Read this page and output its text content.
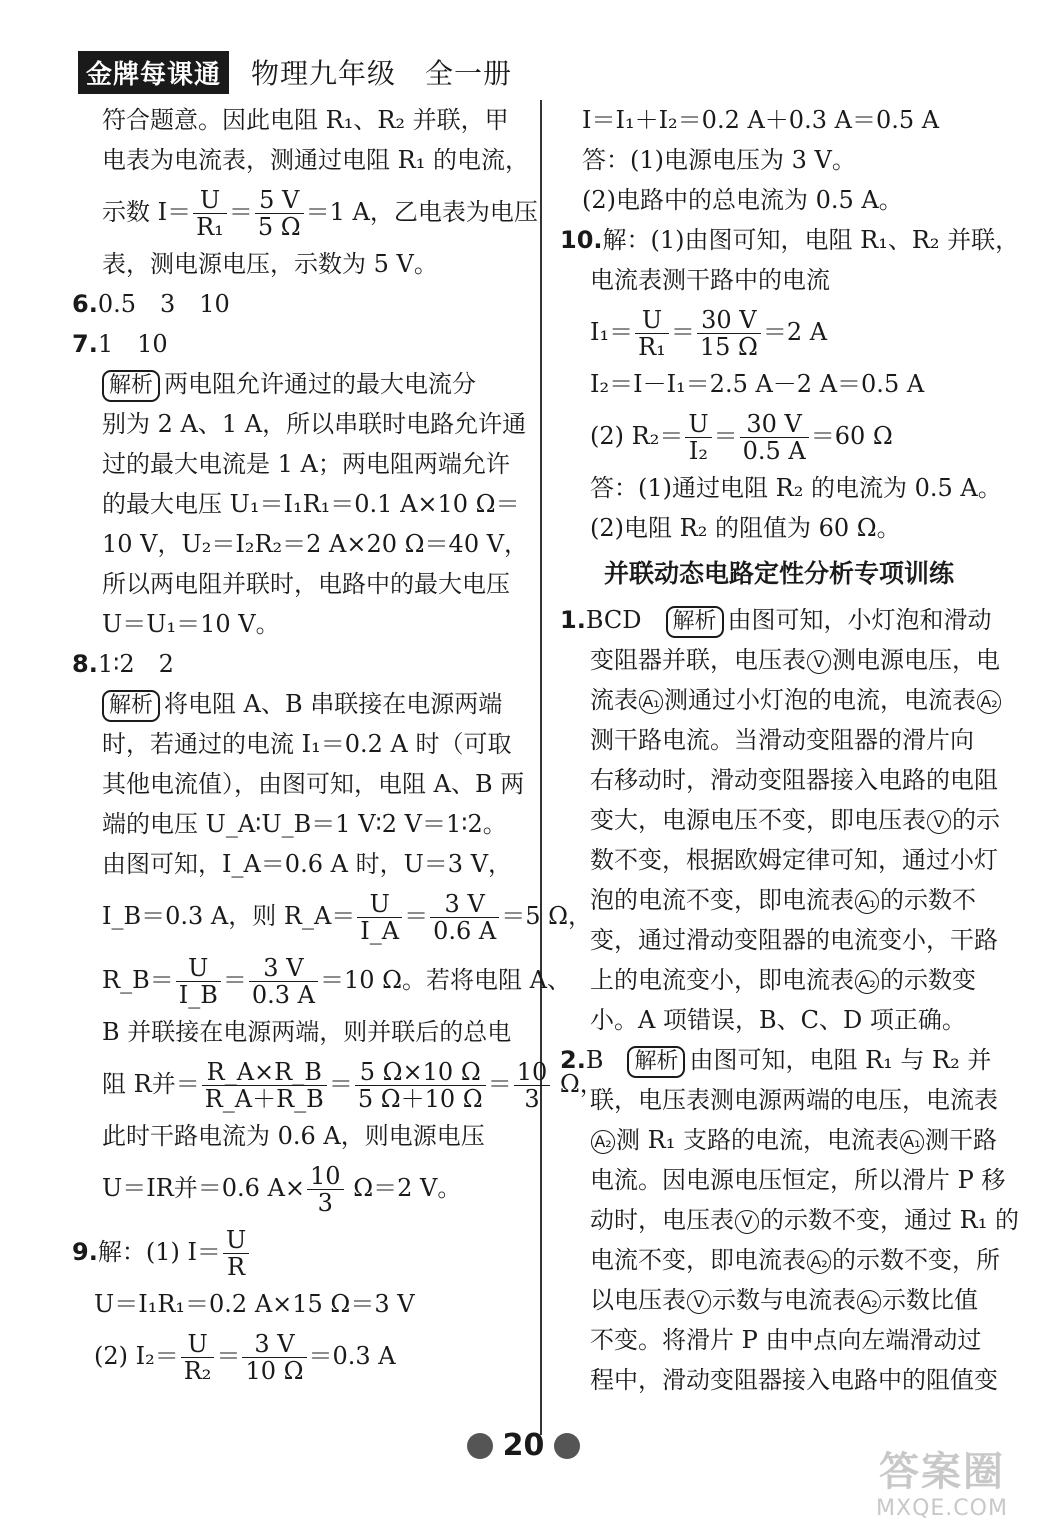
金牌每课通 物理九年级　全一册
符合题意。因此电阻 R₁、R₂ 并联，甲
电表为电流表，测通过电阻 R₁ 的电流，
示数 $I= \frac{U}{\text{R₁}} = \frac{5 V}{5 \Omega} =1$ A，乙电表为电压
表，测电源电压，示数为 5 V。
6.0.5　3　10
7.1　10
解析 两电阻允许通过的最大电流分
别为 2 A、1 A，所以串联时电路允许通
过的最大电流是 1 A；两电阻两端允许
的最大电压 U₁＝I₁R₁＝0.1 A×10 Ω＝
10 V，U₂＝I₂R₂＝2 A×20 Ω＝40 V，
所以两电阻并联时，电路中的最大电压
U＝U₁＝10 V。
8.1∶2　2
解析 将电阻 A、B 串联接在电源两端
时，若通过的电流 I₁＝0.2 A 时（可取
其他电流值），由图可知，电阻 A、B 两
端的电压 U_A∶U_B＝1 V∶2 V＝1∶2。
由图可知，I_A＝0.6 A 时，U＝3 V，
I_B＝0.3 A，则 R_A＝ $\frac{U}{I\_A} = \frac{3 V}{0.6 A} =5$ Ω，
R_B＝ $\frac{U}{I\_B} = \frac{3 V}{0.3 A} =10$ Ω。若将电阻 A、
B 并联接在电源两端，则并联后的总电
阻 R并＝ $\frac{R\_A\times R\_B}{R\_A+R\_B} = \frac{5 \Omega\times 10 \Omega}{5 \Omega+10 \Omega} = \frac{10}{3}$ Ω，
此时干路电流为 0.6 A，则电源电压
U＝IR并＝0.6 $A\times \frac{10}{3} \Omega=2$ V。
9.解：(1) $I= \frac{U}{R}$
U＝I₁R₁＝0.2 A×15 Ω＝3 V
(2) $I_2= \frac{U}{\text{R₂}} = \frac{3 V}{10 \Omega} =0.3$ A
I＝I₁＋I₂＝0.2 A＋0.3 A＝0.5 A
答：(1)电源电压为 3 V。
(2)电路中的总电流为 0.5 A。
10.解：(1)由图可知，电阻 R₁、R₂ 并联，
电流表测干路中的电流
$I_1= \frac{U}{\text{R₁}} = \frac{30 V}{15 \Omega} =2$ A
I₂＝I－I₁＝2.5 A－2 A＝0.5 A
(2) $R_2= \frac{U}{\text{I₂}} = \frac{30 V}{0.5 A} =60$ Ω
答：(1)通过电阻 R₂ 的电流为 0.5 A。
(2)电阻 R₂ 的阻值为 60 Ω。
并联动态电路定性分析专项训练
1.BCD　 解析 由图可知，小灯泡和滑动
变阻器并联，电压表 V 测电源电压，电
流表 A₁ 测通过小灯泡的电流，电流表 A₂
测干路电流。当滑动变阻器的滑片向
右移动时，滑动变阻器接入电路的电阻
变大，电源电压不变，即电压表 V 的示
数不变，根据欧姆定律可知，通过小灯
泡的电流不变，即电流表 A₁ 的示数不
变，通过滑动变阻器的电流变小，干路
上的电流变小，即电流表 A₂ 的示数变
小。A 项错误，B、C、D 项正确。
2.B　 解析 由图可知，电阻 R₁ 与 R₂ 并
联，电压表测电源两端的电压，电流表
A₂ 测 R₁ 支路的电流，电流表 A₁ 测干路
电流。因电源电压恒定，所以滑片 P 移
动时，电压表 V 的示数不变，通过 R₁ 的
电流不变，即电流表 A₂ 的示数不变，所
以电压表 V 示数与电流表 A₂ 示数比值
不变。将滑片 P 由中点向左端滑动过
程中，滑动变阻器接入电路中的阻值变
20
答案圈
MXQE.COM
